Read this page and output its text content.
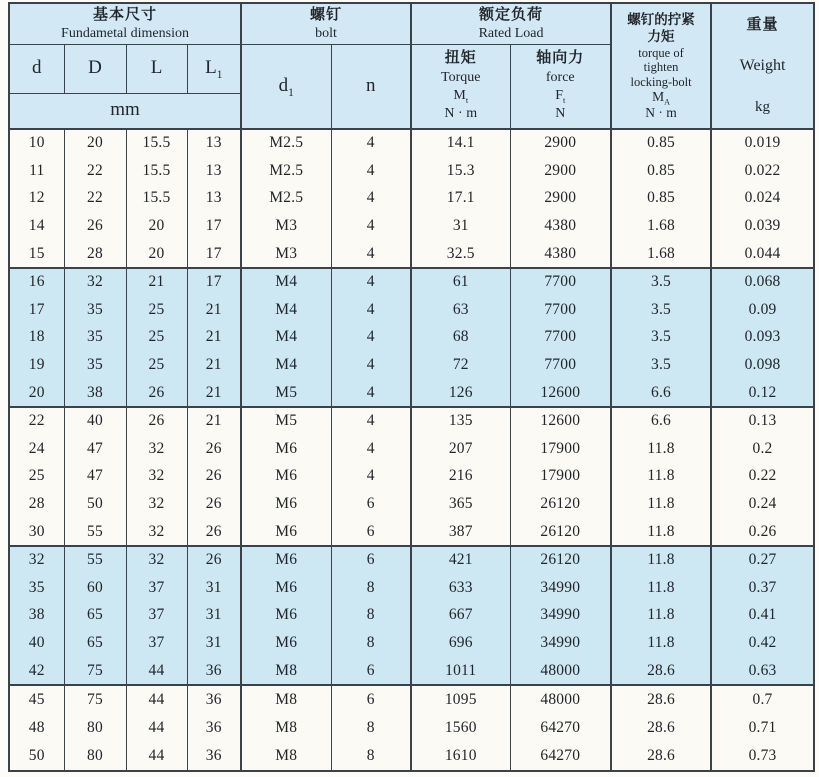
基本尺寸
Fundametal dimension

螺钉
bolt

额定负荷
Rated Load

螺钉的拧紧
力矩
torque of
tighten
locking-bolt
$M_A$
N · m

重量
Weight
kg

d	D	L	$L_1$	$d_1$	n	
扭矩
Torque
$M_t$
N · m

轴向力
force
$F_t$
N

mm									
10	20	15.5	13	M2.5	4	14.1	2900	0.85	0.019
11	22	15.5	13	M2.5	4	15.3	2900	0.85	0.022
12	22	15.5	13	M2.5	4	17.1	2900	0.85	0.024
14	26	20	17	M3	4	31	4380	1.68	0.039
15	28	20	17	M3	4	32.5	4380	1.68	0.044
16	32	21	17	M4	4	61	7700	3.5	0.068
17	35	25	21	M4	4	63	7700	3.5	0.09
18	35	25	21	M4	4	68	7700	3.5	0.093
19	35	25	21	M4	4	72	7700	3.5	0.098
20	38	26	21	M5	4	126	12600	6.6	0.12
22	40	26	21	M5	4	135	12600	6.6	0.13
24	47	32	26	M6	4	207	17900	11.8	0.2
25	47	32	26	M6	4	216	17900	11.8	0.22
28	50	32	26	M6	6	365	26120	11.8	0.24
30	55	32	26	M6	6	387	26120	11.8	0.26
32	55	32	26	M6	6	421	26120	11.8	0.27
35	60	37	31	M6	8	633	34990	11.8	0.37
38	65	37	31	M6	8	667	34990	11.8	0.41
40	65	37	31	M6	8	696	34990	11.8	0.42
42	75	44	36	M8	6	1011	48000	28.6	0.63
45	75	44	36	M8	6	1095	48000	28.6	0.7
48	80	44	36	M8	8	1560	64270	28.6	0.71
50	80	44	36	M8	8	1610	64270	28.6	0.73
